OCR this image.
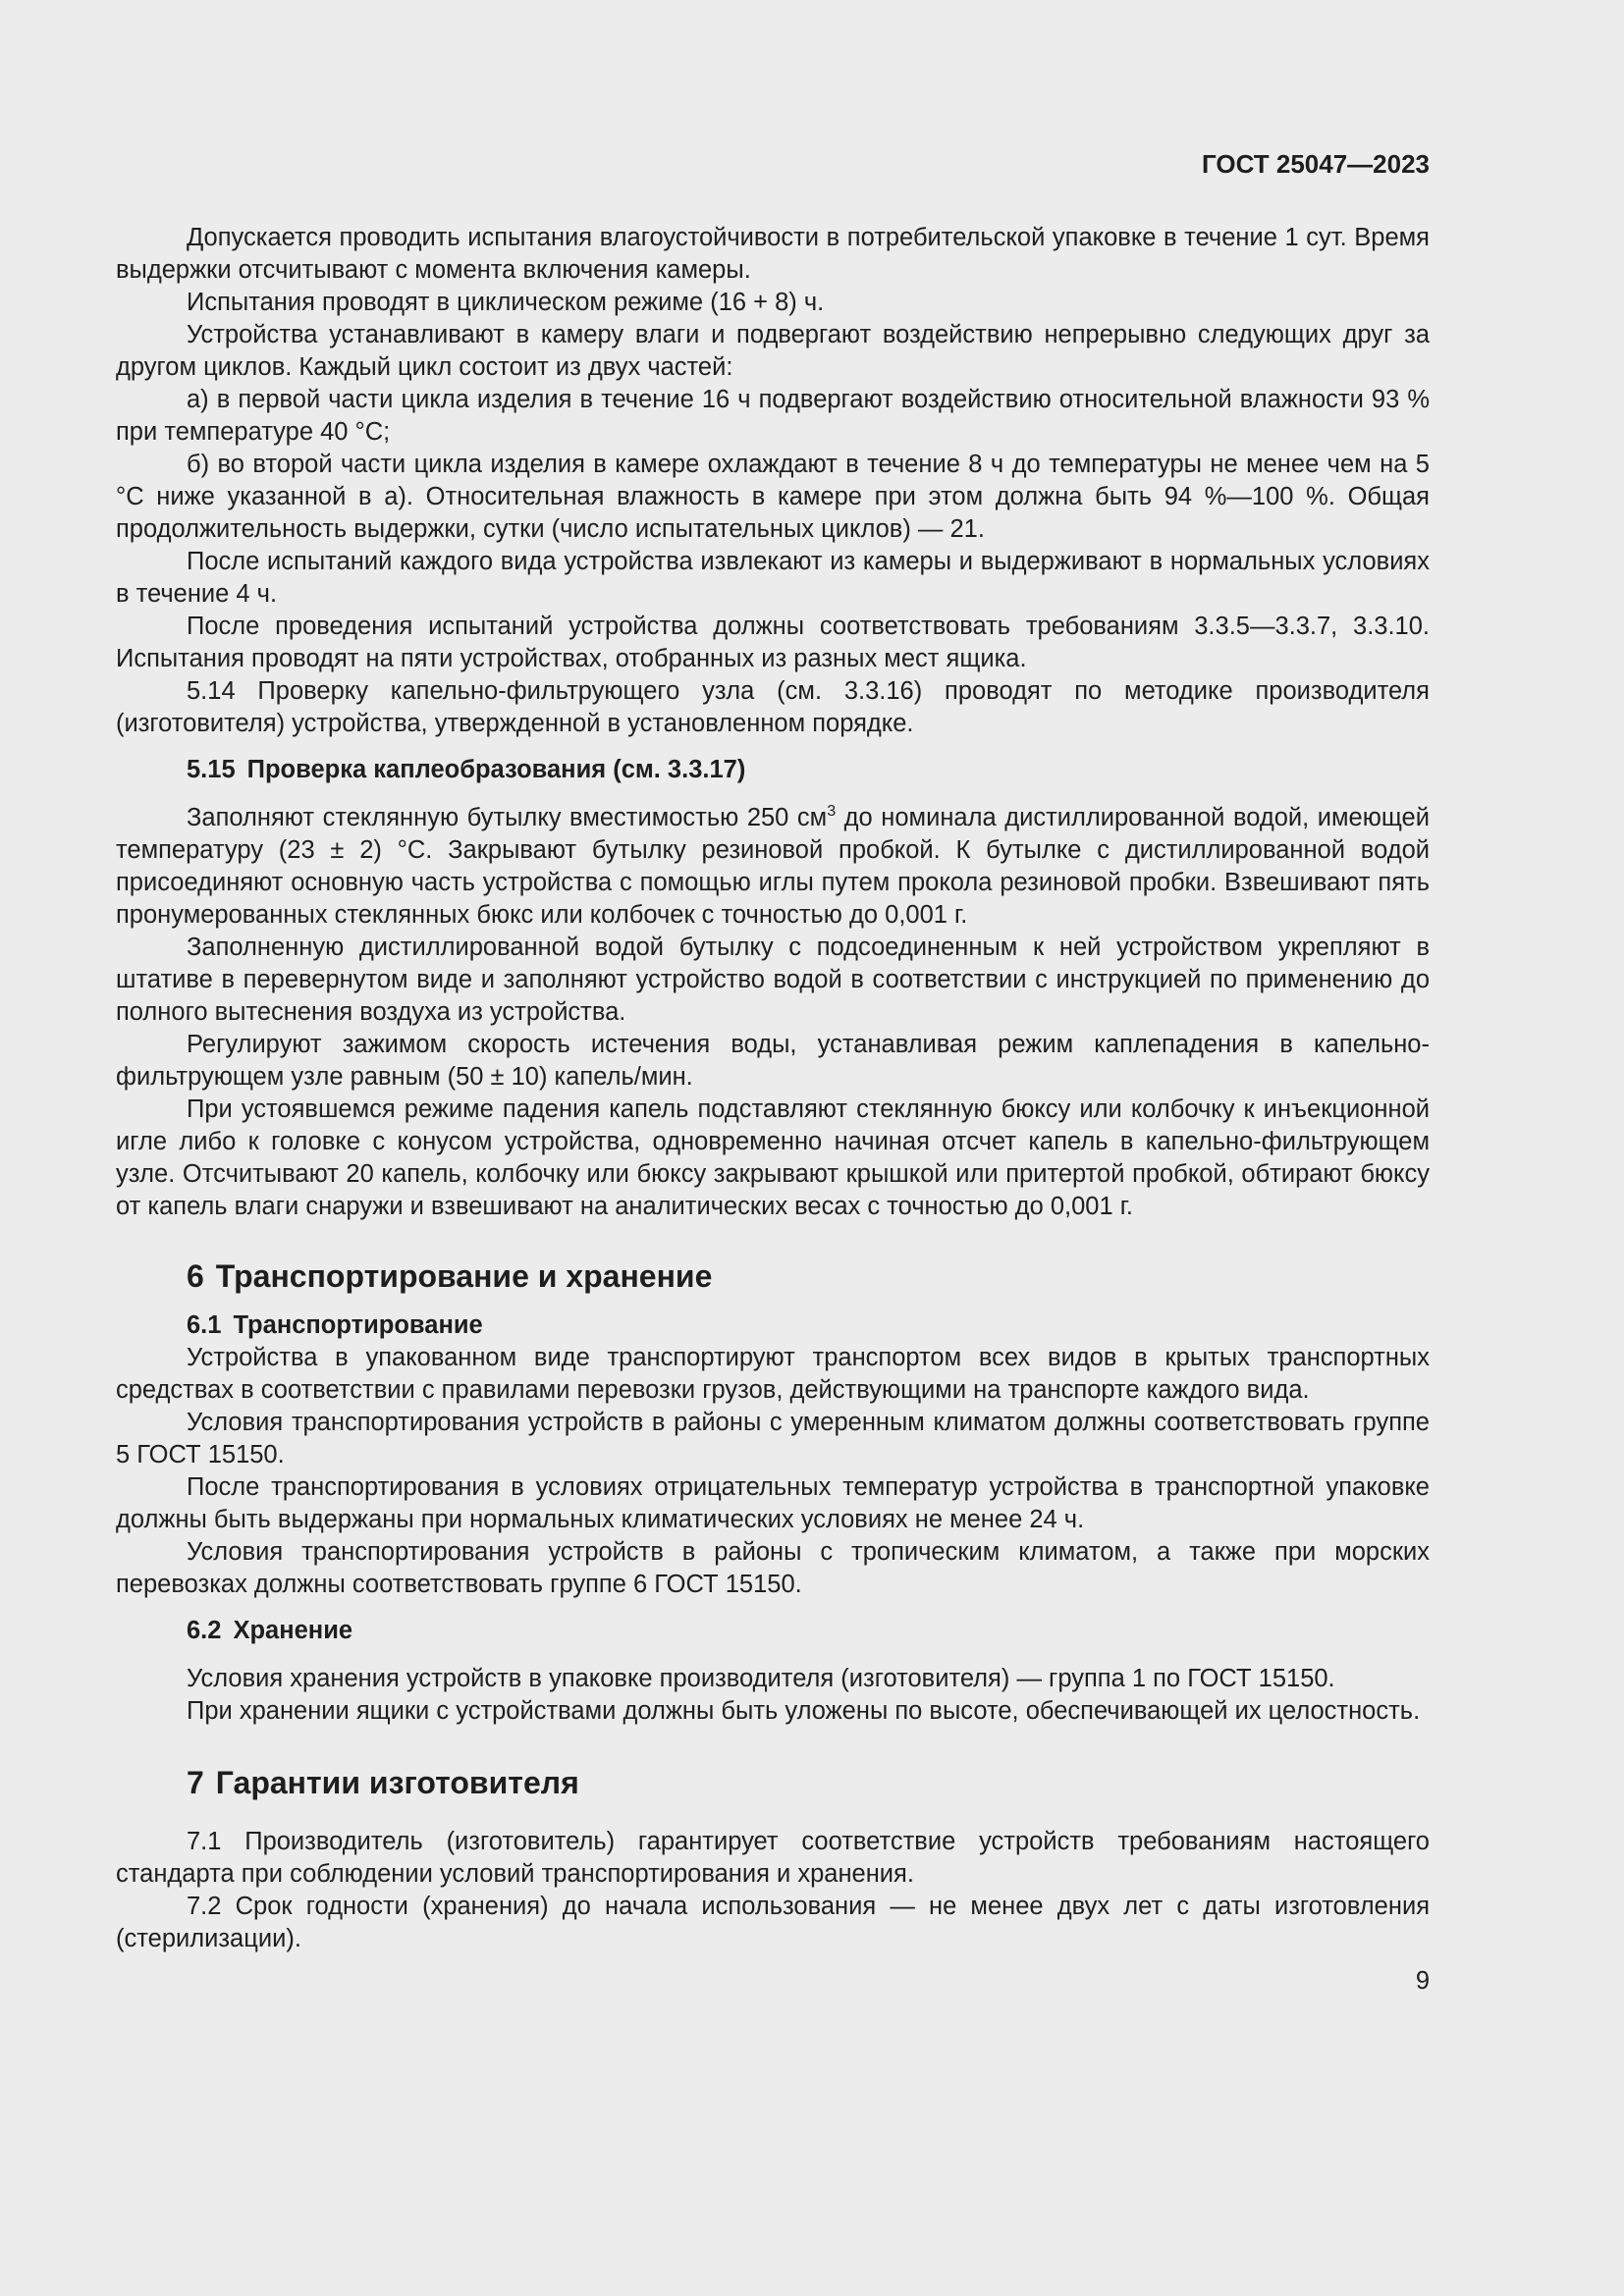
ГОСТ 25047—2023

Допускается проводить испытания влагоустойчивости в потребительской упаковке в течение 1 сут. Время выдержки отсчитывают с момента включения камеры.

Испытания проводят в циклическом режиме (16 + 8) ч.

Устройства устанавливают в камеру влаги и подвергают воздействию непрерывно следующих друг за другом циклов. Каждый цикл состоит из двух частей:

а) в первой части цикла изделия в течение 16 ч подвергают воздействию относительной влажности 93 % при температуре 40 °С;

б) во второй части цикла изделия в камере охлаждают в течение 8 ч до температуры не менее чем на 5 °С ниже указанной в а). Относительная влажность в камере при этом должна быть 94 %—100 %. Общая продолжительность выдержки, сутки (число испытательных циклов) — 21.

После испытаний каждого вида устройства извлекают из камеры и выдерживают в нормальных условиях в течение 4 ч.

После проведения испытаний устройства должны соответствовать требованиям 3.3.5—3.3.7, 3.3.10. Испытания проводят на пяти устройствах, отобранных из разных мест ящика.

5.14 Проверку капельно-фильтрующего узла (см. 3.3.16) проводят по методике производителя (изготовителя) устройства, утвержденной в установленном порядке.

5.15 Проверка каплеобразования (см. 3.3.17)

Заполняют стеклянную бутылку вместимостью 250 $см^3$ до номинала дистиллированной водой, имеющей температуру (23 ± 2) °С. Закрывают бутылку резиновой пробкой. К бутылке с дистиллированной водой присоединяют основную часть устройства с помощью иглы путем прокола резиновой пробки. Взвешивают пять пронумерованных стеклянных бюкс или колбочек с точностью до 0,001 г.

Заполненную дистиллированной водой бутылку с подсоединенным к ней устройством укрепляют в штативе в перевернутом виде и заполняют устройство водой в соответствии с инструкцией по применению до полного вытеснения воздуха из устройства.

Регулируют зажимом скорость истечения воды, устанавливая режим каплепадения в капельно-фильтрующем узле равным (50 ± 10) капель/мин.

При устоявшемся режиме падения капель подставляют стеклянную бюксу или колбочку к инъекционной игле либо к головке с конусом устройства, одновременно начиная отсчет капель в капельно-фильтрующем узле. Отсчитывают 20 капель, колбочку или бюксу закрывают крышкой или притертой пробкой, обтирают бюксу от капель влаги снаружи и взвешивают на аналитических весах с точностью до 0,001 г.

6 Транспортирование и хранение
6.1 Транспортирование

Устройства в упакованном виде транспортируют транспортом всех видов в крытых транспортных средствах в соответствии с правилами перевозки грузов, действующими на транспорте каждого вида.

Условия транспортирования устройств в районы с умеренным климатом должны соответствовать группе 5 ГОСТ 15150.

После транспортирования в условиях отрицательных температур устройства в транспортной упаковке должны быть выдержаны при нормальных климатических условиях не менее 24 ч.

Условия транспортирования устройств в районы с тропическим климатом, а также при морских перевозках должны соответствовать группе 6 ГОСТ 15150.

6.2 Хранение

Условия хранения устройств в упаковке производителя (изготовителя) — группа 1 по ГОСТ 15150.

При хранении ящики с устройствами должны быть уложены по высоте, обеспечивающей их целостность.

7 Гарантии изготовителя

7.1 Производитель (изготовитель) гарантирует соответствие устройств требованиям настоящего стандарта при соблюдении условий транспортирования и хранения.

7.2 Срок годности (хранения) до начала использования — не менее двух лет с даты изготовления (стерилизации).

9
